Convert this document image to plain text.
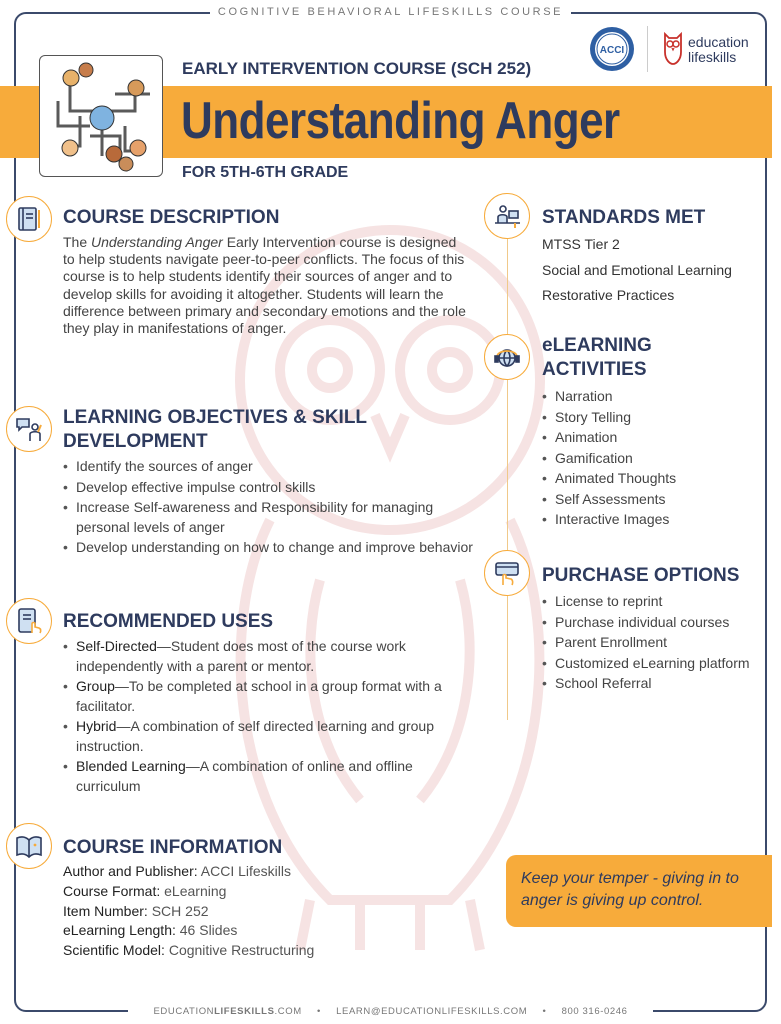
COGNITIVE BEHAVIORAL LIFESKILLS COURSE
EARLY INTERVENTION COURSE (SCH 252)
Understanding Anger
FOR 5TH-6TH GRADE
ACCI
education
lifeskills
COURSE DESCRIPTION
The Understanding Anger Early Intervention course is designed to help students navigate peer-to-peer conflicts. The focus of this course is to help students identify their sources of anger and to develop skills for avoiding it altogether. Students will learn the difference between primary and secondary emotions and the role they play in manifestations of anger.
LEARNING OBJECTIVES & SKILL DEVELOPMENT
• Identify the sources of anger
• Develop effective impulse control skills
• Increase Self-awareness and Responsibility for managing personal levels of anger
• Develop understanding on how to change and improve behavior
RECOMMENDED USES
• Self-Directed—Student does most of the course work independently with a parent or mentor.
• Group—To be completed at school in a group format with a facilitator.
• Hybrid—A combination of self directed learning and group instruction.
• Blended Learning—A combination of online and offline curriculum
COURSE INFORMATION
Author and Publisher: ACCI Lifeskills
Course Format: eLearning
Item Number: SCH 252
eLearning Length: 46 Slides
Scientific Model: Cognitive Restructuring
STANDARDS MET
MTSS Tier 2
Social and Emotional Learning
Restorative Practices
eLEARNING
ACTIVITIES
• Narration
• Story Telling
• Animation
• Gamification
• Animated Thoughts
• Self Assessments
• Interactive Images
PURCHASE OPTIONS
• License to reprint
• Purchase individual courses
• Parent Enrollment
• Customized eLearning platform
• School Referral
Keep your temper - giving in to anger is giving up control.
EDUCATIONLIFESKILLS.COM • LEARN@EDUCATIONLIFESKILLS.COM • 800 316-0246
